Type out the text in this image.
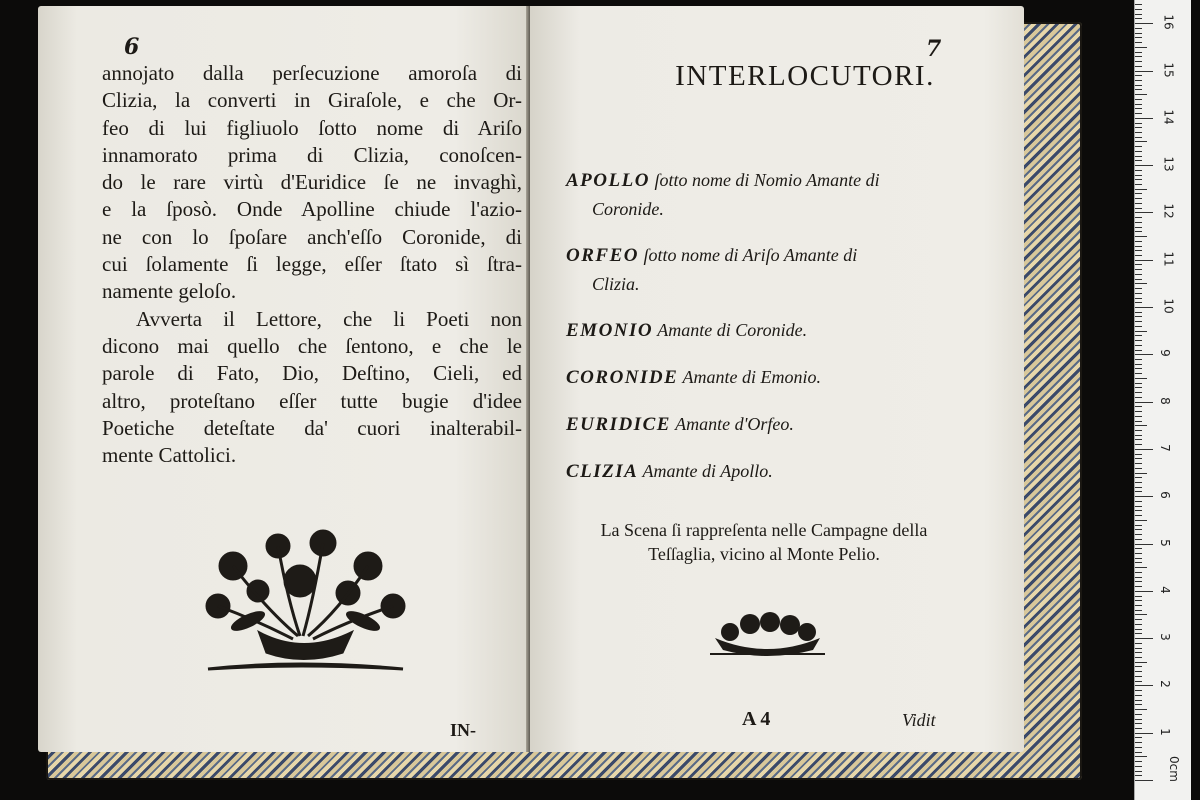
6
annojato dalla perſecuzione amoroſa di
Clizia, la converti in Giraſole, e che Or-
feo di lui figliuolo ſotto nome di Ariſo
innamorato prima di Clizia, conoſcen-
do le rare virtù d'Euridice ſe ne invaghì,
e la ſposò. Onde Apolline chiude l'azio-
ne con lo ſpoſare anch'eſſo Coronide, di
cui ſolamente ſi legge, eſſer ſtato sì ſtra-
namente geloſo.
Avverta il Lettore, che li Poeti non
dicono mai quello che ſentono, e che le
parole di Fato, Dio, Deſtino, Cieli, ed
altro, proteſtano eſſer tutte bugie d'idee
Poetiche deteſtate da' cuori inalterabil-
mente Cattolici.
IN-
7
INTERLOCUTORI.
APOLLO ſotto nome di Nomio Amante di
Coronide.
ORFEO ſotto nome di Ariſo Amante di
Clizia.
EMONIO Amante di Coronide.
CORONIDE Amante di Emonio.
EURIDICE Amante d'Orfeo.
CLIZIA Amante di Apollo.
La Scena ſi rappreſenta nelle Campagne della
Teſſaglia, vicino al Monte Pelio.
A 4	Vidit
0cm
1
2
3
4
5
6
7
8
9
10
11
12
13
14
15
16
